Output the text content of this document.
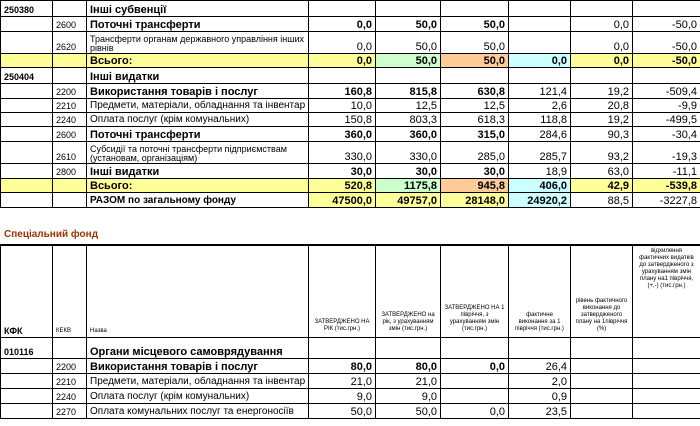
250380		Інші субвенції						
	2600	Поточні трансферти	0,0	50,0	50,0		0,0	-50,0
	2620	Трансферти органам державного управління інших рівнів	0,0	50,0	50,0		0,0	-50,0
		Всього:	0,0	50,0	50,0	0,0	0,0	-50,0
250404		Інші видатки						
	2200	Використання товарів і послуг	160,8	815,8	630,8	121,4	19,2	-509,4
	2210	Предмети, матеріали, обладнання та інвентар	10,0	12,5	12,5	2,6	20,8	-9,9
	2240	Оплата послуг (крім комунальних)	150,8	803,3	618,3	118,8	19,2	-499,5
	2600	Поточні трансферти	360,0	360,0	315,0	284,6	90,3	-30,4
	2610	Субсидії та поточні трансферти підприємствам (установам, організаціям)	330,0	330,0	285,0	285,7	93,2	-19,3
	2800	Інші видатки	30,0	30,0	30,0	18,9	63,0	-11,1
		Всього:	520,8	1175,8	945,8	406,0	42,9	-539,8
		РАЗОМ по загальному фонду	47500,0	49757,0	28148,0	24920,2	88,5	-3227,8
Спеціальний фонд
КФК	КЕКВ	Назва	ЗАТВЕРДЖЕНО НА РІК (тис.грн.)	ЗАТВЕРДЖЕНО на рік, з урахуванням змін (тис.грн.)	ЗАТВЕРДЖЕНО НА 1 півріччя, з урахуванням змін (тис.грн.)	фактичне виконання за 1 півріччя (тис.грн.)	рівень фактичного виконання до затвердженого плану на 1півріччя (%)	відхилення фактичних видатків до затвердженого з урахуванням змін плану на1 півріччя, (+,-) (тис.грн.)
010116		Органи місцевого самоврядування						
	2200	Використання товарів і послуг	80,0	80,0	0,0	26,4		
	2210	Предмети, матеріали, обладнання та інвентар	21,0	21,0		2,0		
	2240	Оплата послуг (крім комунальних)	9,0	9,0		0,9		
	2270	Оплата комунальних послуг та енергоносіїв	50,0	50,0	0,0	23,5		
